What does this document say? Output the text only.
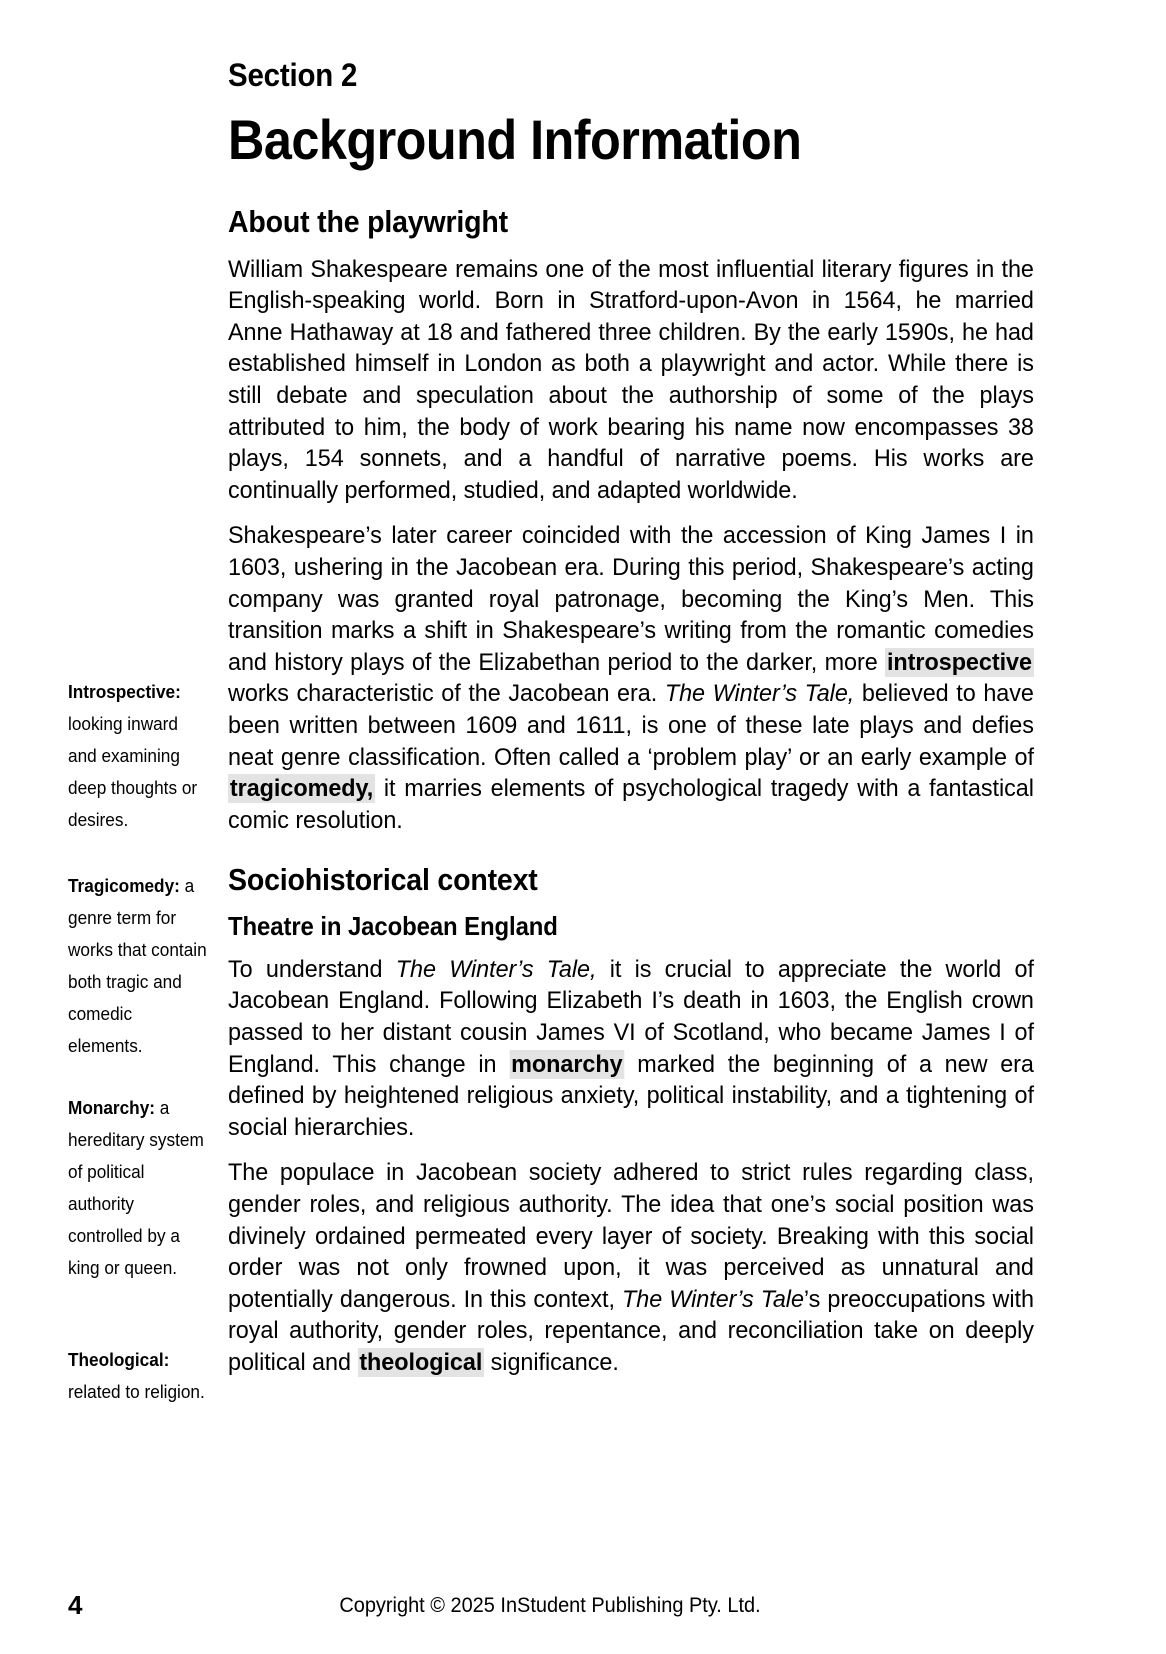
Introspective: looking inward and examining deep thoughts or desires.
Tragicomedy: a genre term for works that contain both tragic and comedic elements.
Monarchy: a hereditary system of political authority controlled by a king or queen.
Theological: related to religion.
Section 2
Background Information
About the playwright

William Shakespeare remains one of the most influential literary figures in the English-speaking world. Born in Stratford-upon-Avon in 1564, he married Anne Hathaway at 18 and fathered three children. By the early 1590s, he had established himself in London as both a playwright and actor. While there is still debate and speculation about the authorship of some of the plays attributed to him, the body of work bearing his name now encompasses 38 plays, 154 sonnets, and a handful of narrative poems. His works are continually performed, studied, and adapted worldwide.

Shakespeare’s later career coincided with the accession of King James I in 1603, ushering in the Jacobean era. During this period, Shakespeare’s acting company was granted royal patronage, becoming the King’s Men. This transition marks a shift in Shakespeare’s writing from the romantic comedies and history plays of the Elizabethan period to the darker, more introspective works characteristic of the Jacobean era. The Winter’s Tale, believed to have been written between 1609 and 1611, is one of these late plays and defies neat genre classification. Often called a ‘problem play’ or an early example of tragicomedy, it marries elements of psychological tragedy with a fantastical comic resolution.

Sociohistorical context
Theatre in Jacobean England

To understand The Winter’s Tale, it is crucial to appreciate the world of Jacobean England. Following Elizabeth I’s death in 1603, the English crown passed to her distant cousin James VI of Scotland, who became James I of England. This change in monarchy marked the beginning of a new era defined by heightened religious anxiety, political instability, and a tightening of social hierarchies.

The populace in Jacobean society adhered to strict rules regarding class, gender roles, and religious authority. The idea that one’s social position was divinely ordained permeated every layer of society. Breaking with this social order was not only frowned upon, it was perceived as unnatural and potentially dangerous. In this context, The Winter’s Tale’s preoccupations with royal authority, gender roles, repentance, and reconciliation take on deeply political and theological significance.

4	Copyright © 2025 InStudent Publishing Pty. Ltd.
